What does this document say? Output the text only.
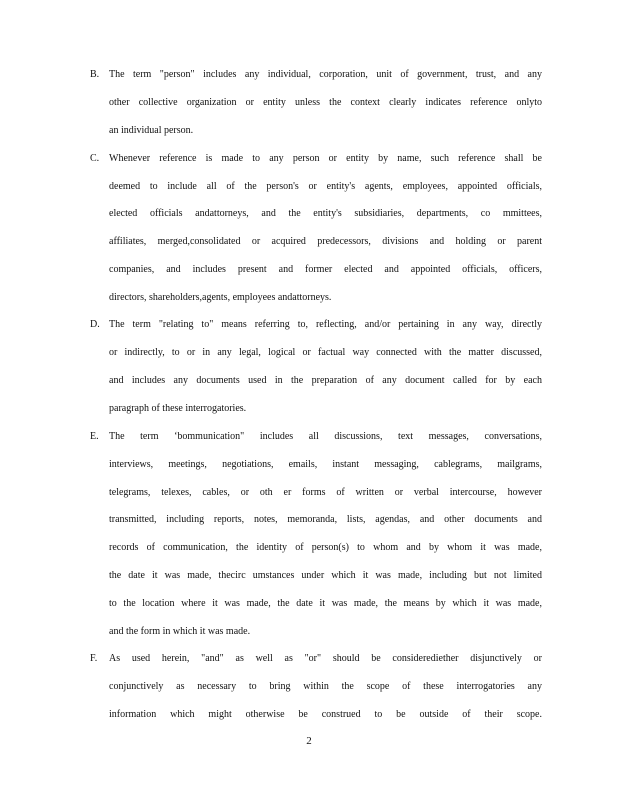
B. The term "person" includes any individual, corporation, unit of government, trust, and any
other collective organization or entity unless the context clearly indicates reference onlyto
an individual person.
C. Whenever reference is made to any person or entity by name, such reference shall be
deemed to include all of the person's or entity's agents, employees, appointed officials,
elected officials andattorneys, and the entity's subsidiaries, departments, co mmittees,
affiliates, merged,consolidated or acquired predecessors, divisions and holding or parent
companies, and includes present and former elected and appointed officials, officers,
directors, shareholders,agents, employees andattorneys.
D. The term "relating to" means referring to, reflecting, and/or pertaining in any way, directly
or indirectly, to or in any legal, logical or factual way connected with the matter discussed,
and includes any documents used in the preparation of any document called for by each
paragraph of these interrogatories.
E.	The term ‘bommunication" includes all discussions, text messages, conversations,
interviews, meetings, negotiations, emails, instant messaging, cablegrams, mailgrams,
telegrams, telexes, cables, or oth er forms of written or verbal intercourse, however
transmitted, including reports, notes, memoranda, lists, agendas, and other documents and
records of communication, the identity of person(s) to whom and by whom it was made,
the date it was made, thecirc umstances under which it was made, including but not limited
to the location where it was made, the date it was made, the means by which it was made,
and the form in which it was made.
F.	As used herein, "and" as well as "or" should be considerediether disjunctively or
conjunctively as necessary to bring within the scope of these interrogatories any
information which might otherwise be construed to be outside of their scope.
2
